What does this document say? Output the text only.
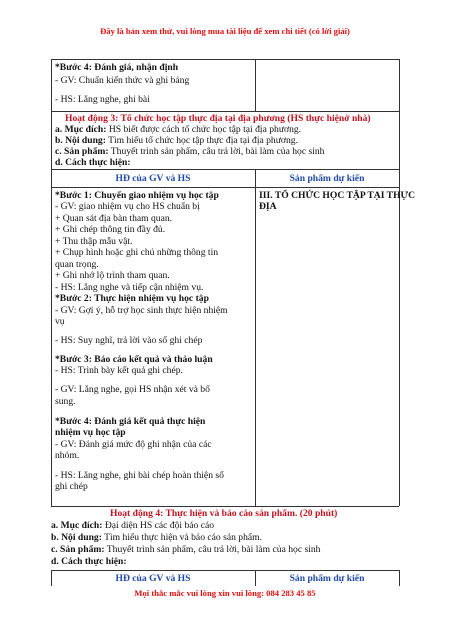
Đây là bản xem thử, vui lòng mua tài liệu để xem chi tiết (có lời giải)
Mọi thắc mắc vui lòng xin vui lòng: 084 283 45 85
*Bước 4: Đánh giá, nhận định
- GV: Chuẩn kiến thức và ghi bảng
- HS: Lắng nghe, ghi bài
Hoạt động 3: Tổ chức học tập thực địa tại địa phương (HS thực hiệnở nhà)
a. Mục đích: HS biết được cách tổ chức học tập tại địa phương.
b. Nội dung: Tìm hiểu tổ chức học tập thực địa tại địa phương.
c. Sản phẩm: Thuyết trình sản phẩm, câu trả lời, bài làm của học sinh
d. Cách thực hiện:
HĐ của GV và HS	Sản phẩm dự kiến
III. TỔ CHỨC HỌC TẬP TẠI THỰC
ĐỊA
*Bước 1: Chuyển giao nhiệm vụ học tập
- GV: giao nhiệm vụ cho HS chuẩn bị
+ Quan sát địa bàn tham quan.
+ Ghi chép thông tin đầy đủ.
+ Thu thập mẫu vật.
+ Chụp hình hoặc ghi chú những thông tin
quan trọng.
+ Ghi nhớ lộ trình tham quan.
- HS: Lắng nghe và tiếp cận nhiệm vụ.
*Bước 2: Thực hiện nhiệm vụ học tập
- GV: Gợi ý, hỗ trợ học sinh thực hiện nhiệm
vụ
- HS: Suy nghĩ, trả lời vào sổ ghi chép
*Bước 3: Báo cáo kết quả và thảo luận
- HS: Trình bày kết quả ghi chép.
- GV: Lắng nghe, gọi HS nhận xét và bổ
sung.
*Bước 4: Đánh giá kết quả thực hiện
nhiệm vụ học tập
- GV: Đánh giá mức độ ghi nhận của các
nhóm.
- HS: Lắng nghe, ghi bài chép hoàn thiện số
ghi chép
Hoạt động 4: Thực hiện và báo cáo sản phẩm. (20 phút)
a. Mục đích: Đại diện HS các đội báo cáo
b. Nội dung: Tìm hiểu thực hiện và báo cáo sản phẩm.
c. Sản phẩm: Thuyết trình sản phẩm, câu trả lời, bài làm của học sinh
d. Cách thực hiện:
HĐ của GV và HS	Sản phẩm dự kiến
